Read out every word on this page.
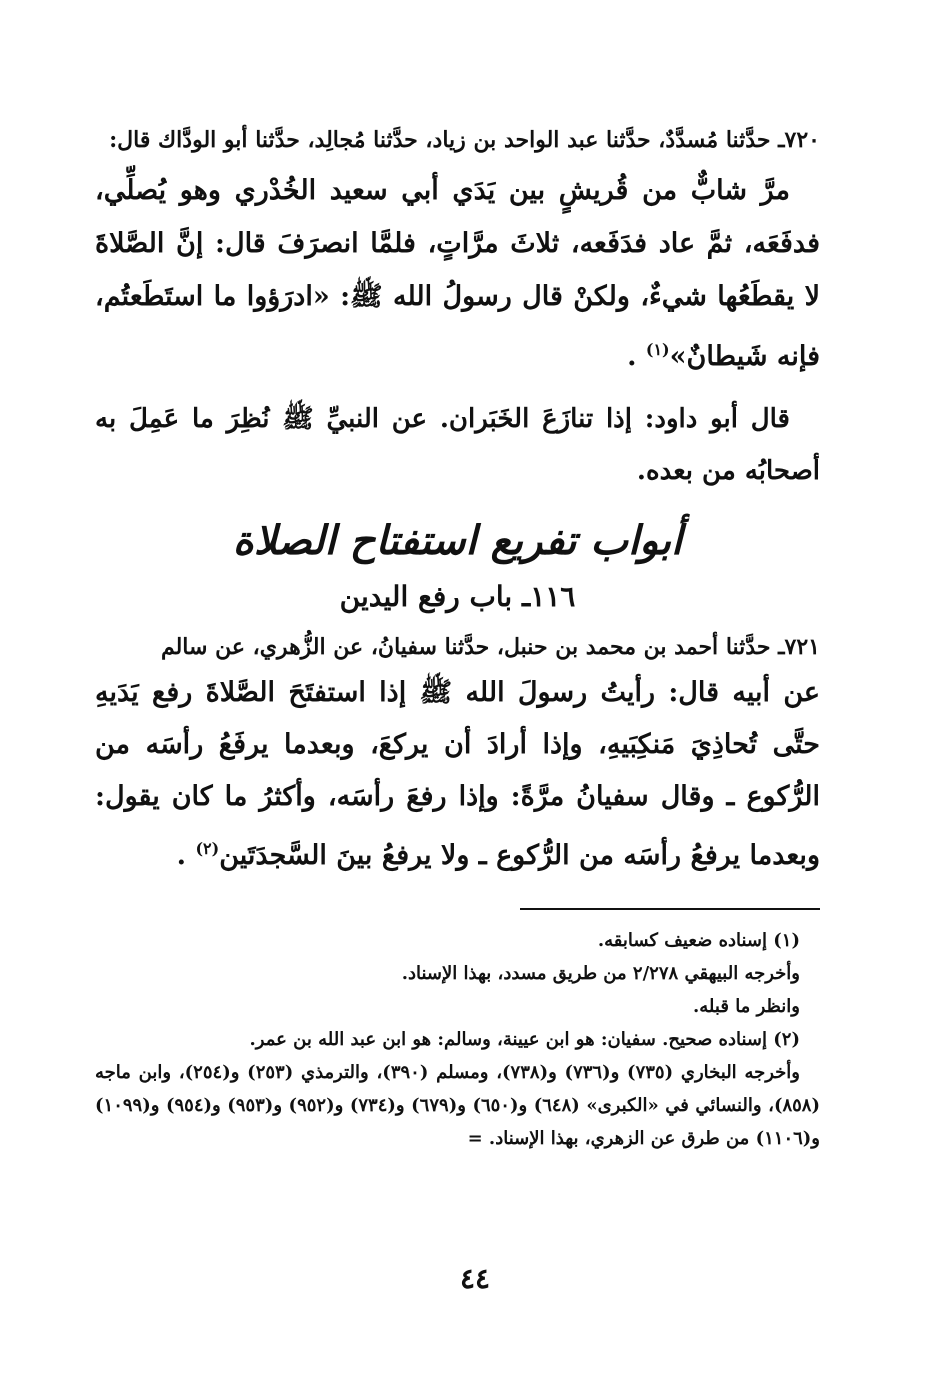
٧٢٠ـ حدَّثنا مُسدَّدٌ، حدَّثنا عبد الواحد بن زياد، حدَّثنا مُجالِد، حدَّثنا أبو الودَّاك قال:

مرَّ شابٌّ من قُريشٍ بين يَدَي أبي سعيد الخُدْري وهو يُصلِّي، فدفَعَه، ثمَّ عاد فدَفَعه، ثلاثَ مرَّاتٍ، فلمَّا انصرَفَ قال: إنَّ الصَّلاةَ لا يقطَعُها شيءٌ، ولكنْ قال رسولُ الله ﷺ: «ادرَؤوا ما استَطَعتُم، فإنه شَيطانٌ»$^{(١)}$ .

قال أبو داود: إذا تنازَعَ الخَبَران. عن النبيِّ ﷺ نُظِرَ ما عَمِلَ به أصحابُه من بعده.

أبواب تفريع استفتاح الصلاة
١١٦ـ باب رفع اليدين

٧٢١ـ حدَّثنا أحمد بن محمد بن حنبل، حدَّثنا سفيانُ، عن الزُّهري، عن سالم

عن أبيه قال: رأيتُ رسولَ الله ﷺ إذا استفتَحَ الصَّلاةَ رفع يَدَيهِ حتَّى تُحاذِيَ مَنكِبَيهِ، وإذا أرادَ أن يركعَ، وبعدما يرفَعُ رأسَه من الرُّكوع ـ وقال سفيانُ مرَّةً: وإذا رفعَ رأسَه، وأكثرُ ما كان يقول: وبعدما يرفعُ رأسَه من الرُّكوع ـ ولا يرفعُ بينَ السَّجدَتَين$^{(٢)}$ .

(١) إسناده ضعيف كسابقه.

وأخرجه البيهقي ٢/٢٧٨ من طريق مسدد، بهذا الإسناد.

وانظر ما قبله.

(٢) إسناده صحيح. سفيان: هو ابن عيينة، وسالم: هو ابن عبد الله بن عمر.

وأخرجه البخاري (٧٣٥) و(٧٣٦) و(٧٣٨)، ومسلم (٣٩٠)، والترمذي (٢٥٣) و(٢٥٤)، وابن ماجه (٨٥٨)، والنسائي في «الكبرى» (٦٤٨) و(٦٥٠) و(٦٧٩) و(٧٣٤) و(٩٥٢) و(٩٥٣) و(٩٥٤) و(١٠٩٩) و(١١٠٦) من طرق عن الزهري، بهذا الإسناد. =

٤٤
